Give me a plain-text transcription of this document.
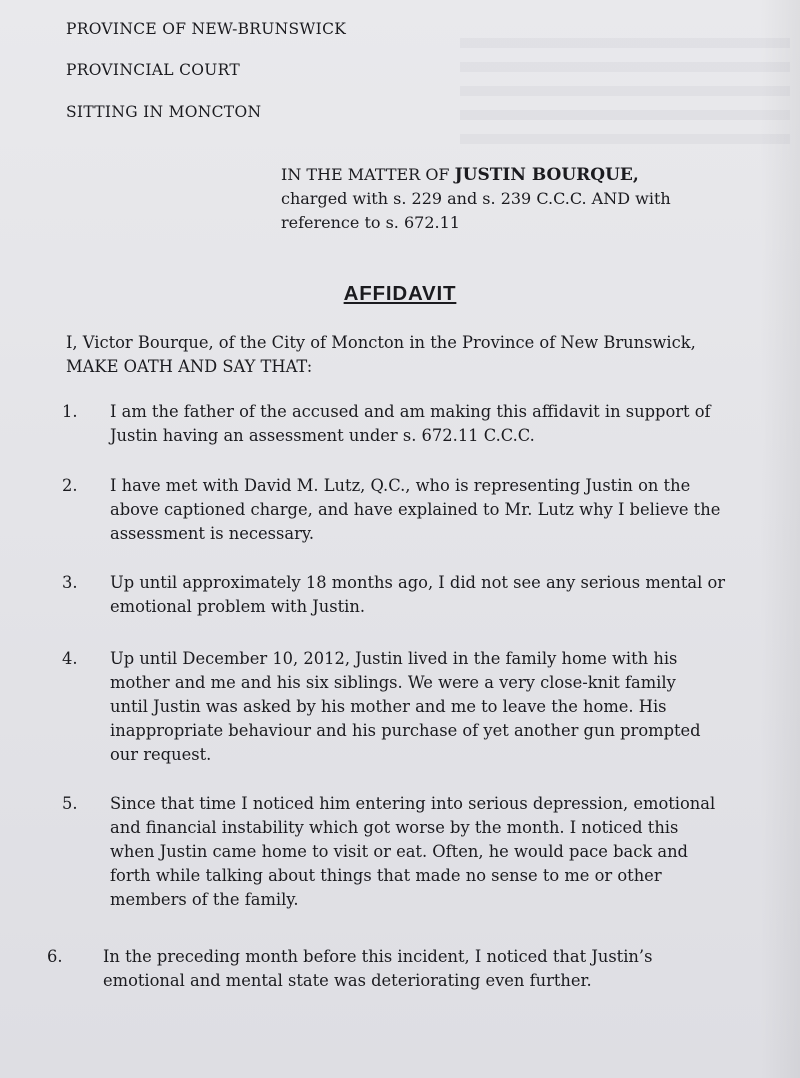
PROVINCE OF NEW-BRUNSWICK
PROVINCIAL COURT
SITTING IN MONCTON
IN THE MATTER OF JUSTIN BOURQUE,
charged with s. 229 and s. 239 C.C.C. AND with
reference to s. 672.11
AFFIDAVIT
I, Victor Bourque, of the City of Moncton in the Province of New Brunswick,
MAKE OATH AND SAY THAT:
1. I am the father of the accused and am making this affidavit in support of
Justin having an assessment under s. 672.11 C.C.C.
2. I have met with David M. Lutz, Q.C., who is representing Justin on the
above captioned charge, and have explained to Mr. Lutz why I believe the
assessment is necessary.
3. Up until approximately 18 months ago, I did not see any serious mental or
emotional problem with Justin.
4. Up until December 10, 2012, Justin lived in the family home with his
mother and me and his six siblings. We were a very close-knit family
until Justin was asked by his mother and me to leave the home. His
inappropriate behaviour and his purchase of yet another gun prompted
our request.
5. Since that time I noticed him entering into serious depression, emotional
and financial instability which got worse by the month. I noticed this
when Justin came home to visit or eat. Often, he would pace back and
forth while talking about things that made no sense to me or other
members of the family.
6. In the preceding month before this incident, I noticed that Justin’s
emotional and mental state was deteriorating even further.
